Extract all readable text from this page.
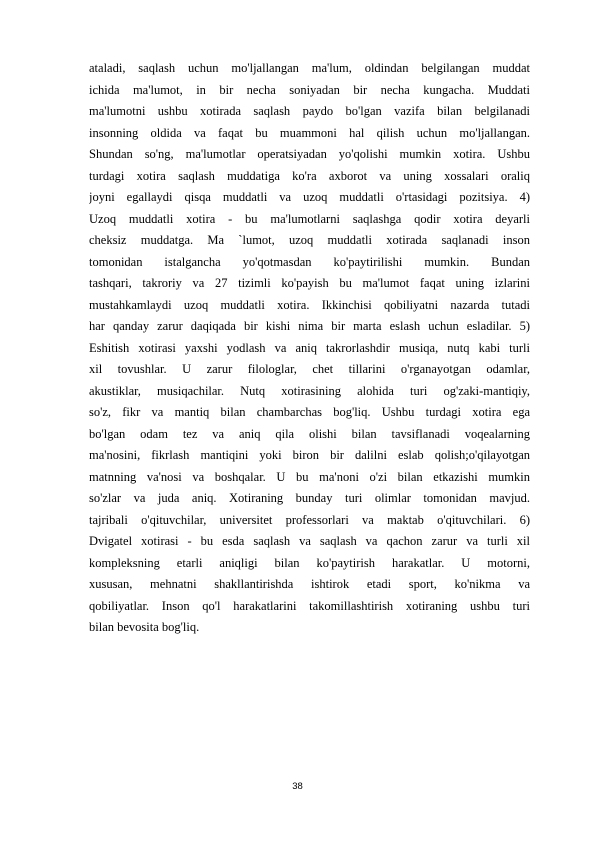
ataladi, saqlash uchun mo'ljallangan ma'lum, oldindan belgilangan muddat
ichida ma'lumot, in bir necha soniyadan bir necha kungacha. Muddati
ma'lumotni ushbu xotirada saqlash paydo bo'lgan vazifa bilan belgilanadi
insonning oldida va faqat bu muammoni hal qilish uchun mo'ljallangan.
Shundan so'ng, ma'lumotlar operatsiyadan yo'qolishi mumkin xotira. Ushbu
turdagi xotira saqlash muddatiga ko'ra axborot va uning xossalari oraliq
joyni egallaydi qisqa muddatli va uzoq muddatli o'rtasidagi pozitsiya. 4)
Uzoq muddatli xotira - bu ma'lumotlarni saqlashga qodir xotira deyarli
cheksiz muddatga. Ma `lumot, uzoq muddatli xotirada saqlanadi inson
tomonidan istalgancha yo'qotmasdan ko'paytirilishi mumkin. Bundan
tashqari, takroriy va 27 tizimli ko'payish bu ma'lumot faqat uning izlarini
mustahkamlaydi uzoq muddatli xotira. Ikkinchisi qobiliyatni nazarda tutadi
har qanday zarur daqiqada bir kishi nima bir marta eslash uchun esladilar. 5)
Eshitish xotirasi yaxshi yodlash va aniq takrorlashdir musiqa, nutq kabi turli
xil tovushlar. U zarur filologlar, chet tillarini o'rganayotgan odamlar,
akustiklar, musiqachilar. Nutq xotirasining alohida turi og'zaki-mantiqiy,
so'z, fikr va mantiq bilan chambarchas bog'liq. Ushbu turdagi xotira ega
bo'lgan odam tez va aniq qila olishi bilan tavsiflanadi voqealarning
ma'nosini, fikrlash mantiqini yoki biron bir dalilni eslab qolish;o'qilayotgan
matnning va'nosi va boshqalar. U bu ma'noni o'zi bilan etkazishi mumkin
so'zlar va juda aniq. Xotiraning bunday turi olimlar tomonidan mavjud.
tajribali o'qituvchilar, universitet professorlari va maktab o'qituvchilari. 6)
Dvigatel xotirasi - bu esda saqlash va saqlash va qachon zarur va turli xil
kompleksning etarli aniqligi bilan ko'paytirish harakatlar. U motorni,
xususan, mehnatni shakllantirishda ishtirok etadi sport, ko'nikma va
qobiliyatlar. Inson qo'l harakatlarini takomillashtirish xotiraning ushbu turi
bilan bevosita bog'liq.
38
